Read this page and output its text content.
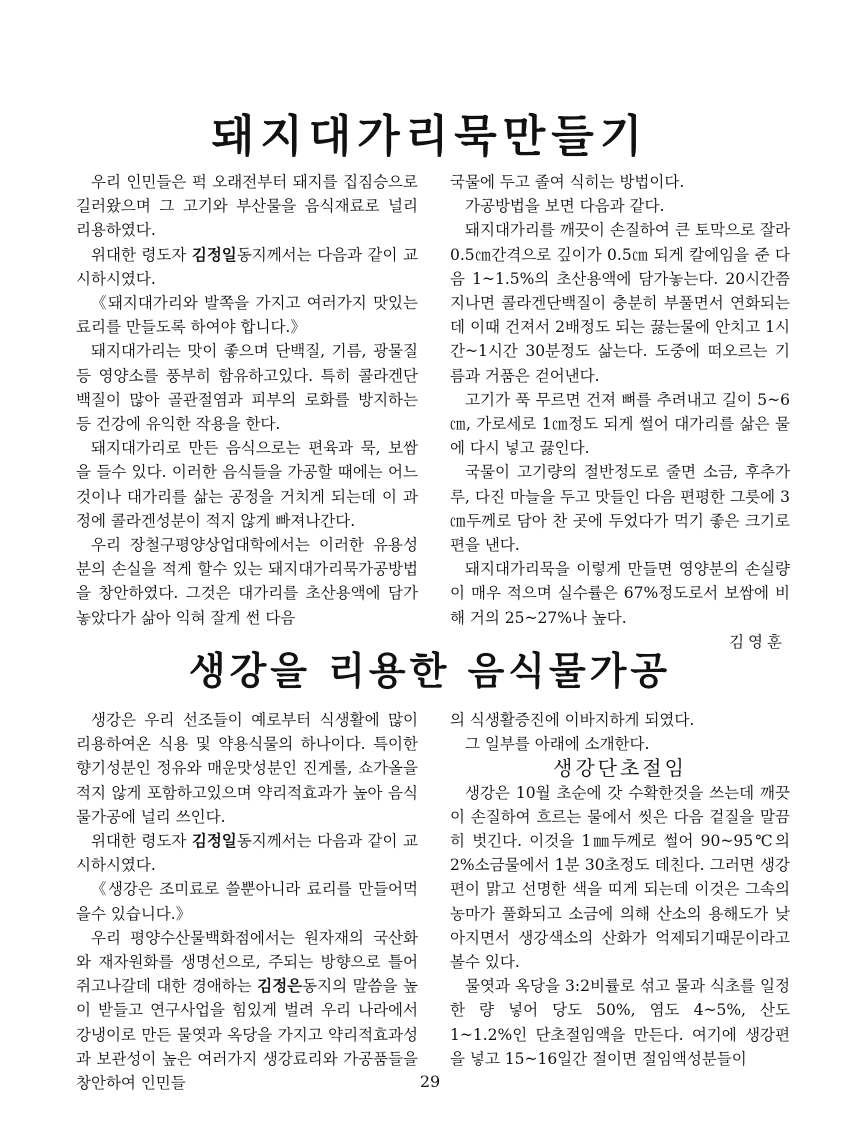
돼지대가리묵만들기

우리 인민들은 퍽 오래전부터 돼지를 집짐승으로 길러왔으며 그 고기와 부산물을 음식재료로 널리 리용하였다.

위대한 령도자 김정일동지께서는 다음과 같이 교시하시였다.

《돼지대가리와 발쪽을 가지고 여러가지 맛있는 료리를 만들도록 하여야 합니다.》

돼지대가리는 맛이 좋으며 단백질, 기름, 광물질 등 영양소를 풍부히 함유하고있다. 특히 콜라겐단백질이 많아 골관절염과 피부의 로화를 방지하는 등 건강에 유익한 작용을 한다.

돼지대가리로 만든 음식으로는 편육과 묵, 보쌈을 들수 있다. 이러한 음식들을 가공할 때에는 어느것이나 대가리를 삶는 공정을 거치게 되는데 이 과정에 콜라겐성분이 적지 않게 빠져나간다.

우리 장철구평양상업대학에서는 이러한 유용성분의 손실을 적게 할수 있는 돼지대가리묵가공방법을 창안하였다. 그것은 대가리를 초산용액에 담가놓았다가 삶아 익혀 잘게 썬 다음

국물에 두고 졸여 식히는 방법이다.

가공방법을 보면 다음과 같다.

돼지대가리를 깨끗이 손질하여 큰 토막으로 잘라 0.5㎝간격으로 깊이가 0.5㎝ 되게 칼에임을 준 다음 1~1.5%의 초산용액에 담가놓는다. 20시간쯤 지나면 콜라겐단백질이 충분히 부풀면서 연화되는데 이때 건져서 2배정도 되는 끓는물에 안치고 1시간~1시간 30분정도 삶는다. 도중에 떠오르는 기름과 거품은 걷어낸다.

고기가 푹 무르면 건져 뼈를 추려내고 길이 5~6㎝, 가로세로 1㎝정도 되게 썰어 대가리를 삶은 물에 다시 넣고 끓인다.

국물이 고기량의 절반정도로 줄면 소금, 후추가루, 다진 마늘을 두고 맛들인 다음 편평한 그릇에 3㎝두께로 담아 찬 곳에 두었다가 먹기 좋은 크기로 편을 낸다.

돼지대가리묵을 이렇게 만들면 영양분의 손실량이 매우 적으며 실수률은 67%정도로서 보쌈에 비해 거의 25~27%나 높다.

김영훈

생강을 리용한 음식물가공

생강은 우리 선조들이 예로부터 식생활에 많이 리용하여온 식용 및 약용식물의 하나이다. 특이한 향기성분인 정유와 매운맛성분인 진게롤, 쇼가올을 적지 않게 포함하고있으며 약리적효과가 높아 음식물가공에 널리 쓰인다.

위대한 령도자 김정일동지께서는 다음과 같이 교시하시였다.

《생강은 조미료로 쓸뿐아니라 료리를 만들어먹을수 있습니다.》

우리 평양수산물백화점에서는 원자재의 국산화와 재자원화를 생명선으로, 주되는 방향으로 틀어쥐고나갈데 대한 경애하는 김정은동지의 말씀을 높이 받들고 연구사업을 힘있게 벌려 우리 나라에서 강냉이로 만든 물엿과 옥당을 가지고 약리적효과성과 보관성이 높은 여러가지 생강료리와 가공품들을 창안하여 인민들

의 식생활증진에 이바지하게 되였다.

그 일부를 아래에 소개한다.

생강단초절임

생강은 10월 초순에 갓 수확한것을 쓰는데 깨끗이 손질하여 흐르는 물에서 씻은 다음 겉질을 말끔히 벗긴다. 이것을 1㎜두께로 썰어 90~95℃의 2%소금물에서 1분 30초정도 데친다. 그러면 생강편이 맑고 선명한 색을 띠게 되는데 이것은 그속의 농마가 풀화되고 소금에 의해 산소의 용해도가 낮아지면서 생강색소의 산화가 억제되기때문이라고 볼수 있다.

물엿과 옥당을 3:2비률로 섞고 물과 식초를 일정한 량 넣어 당도 50%, 염도 4~5%, 산도 1~1.2%인 단초절임액을 만든다. 여기에 생강편을 넣고 15~16일간 절이면 절임액성분들이

29
